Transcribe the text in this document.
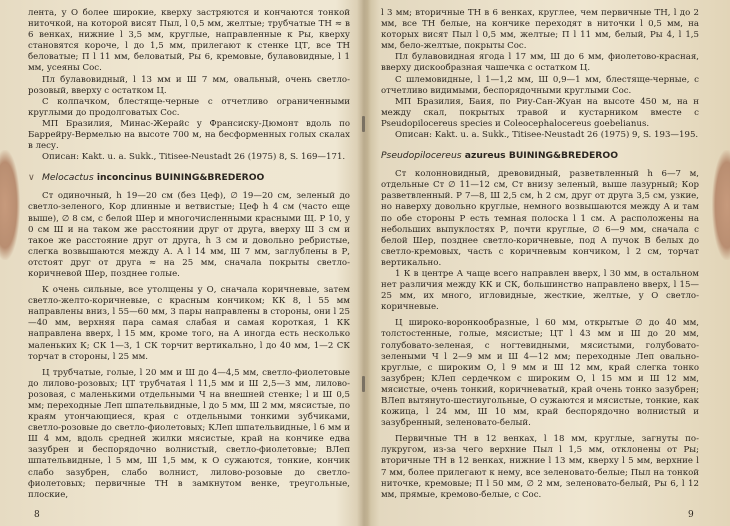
лента, у О более широкие, кверху застряются и кончаются тонкой ниточкой, на которой висят Пыл, l 0,5 мм, желтые; трубчатые ТН ≈ в 6 венках, нижние l 3,5 мм, круглые, направленные к Ры, кверху становятся короче, l до 1,5 мм, прилегают к стенке ЦТ, все ТН беловатые; П l 11 мм, беловатый, Ры 6, кремовые, булавовидные, l 1 мм, усеяны Сос.

Пл булавовидный, l 13 мм и Ш 7 мм, овальный, очень светло-розовый, вверху с остатком Ц.

С колпачком, блестяще-черные с отчетливо ограниченными круглыми до продолговатых Сос.

МП Бразилия, Минас-Жерайс у Франсиску-Дюмонт вдоль по Баррейру-Вермелью на высоте 700 м, на беcформенных голых скалах в лесу.

Описан: Kakt. u. a. Sukk., Titisee-Neustadt 26 (1975) 8, S. 169—171.

∨ Melocactus inconcinus BUINING&BREDEROO

Ст одиночный, h 19—20 см (без Цеф), ∅ 19—20 см, зеленый до светло-зеленого, Кор длинные и ветвистые; Цеф h 4 см (часто еще выше), ∅ 8 см, с белой Шер и многочисленными красными Щ. Р 10, у 0 см Ш и на таком же расстоянии друг от друга, вверху Ш 3 см и такое же расстояние друг от друга, h 3 см и довольно ребристые, слегка возвышаются между А. А l 14 мм, Ш 7 мм, заглублены в Р, отстоят друг от друга ≈ на 25 мм, сначала покрыты светло-коричневой Шер, позднее голые.

К очень сильные, все утолщены у О, сначала коричневые, затем светло-желто-коричневые, с красным кончиком; КК 8, l 55 мм направлены вниз, l 55—60 мм, 3 пары направлены в стороны, они l 25—40 мм, верхняя пара самая слабая и самая короткая, 1 КК направлена вверх, l 15 мм, кроме того, на А иногда есть несколько маленьких К; СК 1—3, 1 СК торчит вертикально, l до 40 мм, 1—2 СК торчат в стороны, l 25 мм.

Ц трубчатые, голые, l 20 мм и Ш до 4—4,5 мм, светло-фиолетовые до лилово-розовых; ЦТ трубчатая l 11,5 мм и Ш 2,5—3 мм, лилово-розовая, с маленькими отдельными Ч на внешней стенке; l и Ш 0,5 мм; переходные Леп шпательвидные, l до 5 мм, Ш 2 мм, мясистые, по краям утончающиеся, края с отдельными тонкими зубчиками, светло-розовые до светло-фиолетовых; КЛеп шпательвидные, l 6 мм и Ш 4 мм, вдоль средней жилки мясистые, край на кончике едва зазубрен и беспорядочно волнистый, светло-фиолетовые; ВЛеп шпательвидные, l 5 мм, Ш 1,5 мм, к О сужаются, тонкие, кончик слабо зазубрен, слабо волнист, лилово-розовые до светло-фиолетовых; первичные ТН в замкнутом венке, треугольные, плоские,

8

l 3 мм; вторичные ТН в 6 венках, круглее, чем первичные ТН, l до 2 мм, все ТН белые, на кончике переходят в ниточки l 0,5 мм, на которых висят Пыл l 0,5 мм, желтые; П l 11 мм, белый, Ры 4, l 1,5 мм, бело-желтые, покрыты Сос.

Пл булавовидная ягода l 17 мм, Ш до 6 мм, фиолетово-красная, вверху дискообразная чашечка с остатком Ц.

С шлемовидные, l 1—1,2 мм, Ш 0,9—1 мм, блестяще-черные, с отчетливо видимыми, беспорядочными круглыми Сос.

МП Бразилия, Баия, по Риу-Сан-Жуан на высоте 450 м, на н между скал, покрытых травой и кустарником вместе с Pseudopilocereus species и Coleocephalocereus goebelianus.

Описан: Kakt. u. a. Sukk., Titisee-Neustadt 26 (1975) 9, S. 193—195.

Pseudopilocereus azureus BUINING&BREDEROO

Ст колонновидный, древовидный, разветвленный h 6—7 м, отдельные Ст ∅ 11—12 см, Ст внизу зеленый, выше лазурный; Кор разветвленный. Р 7—8, Ш 2,5 см, h 2 см, друг от друга 3,5 см, узкие, но наверху довольно круглые, немного возвышаются между А и там по обе стороны Р есть темная полоска l 1 см. А расположены на небольших выпуклостях Р, почти круглые, ∅ 6—9 мм, сначала с белой Шер, позднее светло-коричневые, под А пучок В белых до светло-кремовых, часть с коричневым кончиком, l 2 см, торчат вертикально.

1 К в центре А чаще всего направлен вверх, l 30 мм, в остальном нет различия между КК и СК, большинство направлено вверх, l 15—25 мм, их много, игловидные, жесткие, желтые, у О светло-коричневые.

Ц широко-воронкообразные, l 60 мм, открытые ∅ до 40 мм, толстостенные, голые, мясистые; ЦТ l 43 мм и Ш до 20 мм, голубовато-зеленая, с ногтевидными, мясистыми, голубовато-зелеными Ч l 2—9 мм и Ш 4—12 мм; переходные Леп овально-круглые, с широким О, l 9 мм и Ш 12 мм, край слегка тонко зазубрен; КЛеп сердечком с широким О, l 15 мм и Ш 12 мм, мясистые, очень тонкий, коричневатый, край очень тонко зазубрен; ВЛеп вытянуто-шестиугольные, О сужаются и мясистые, тонкие, как кожица, l 24 мм, Ш 10 мм, край беспорядочно волнистый и зазубренный, зеленовато-белый.

Первичные ТН в 12 венках, l 18 мм, круглые, загнуты по-лукругом, из-за чего верхние Пыл l 1,5 мм, отклонены от Ры; вторичные ТН в 12 венках, нижние l 13 мм, кверху l 5 мм, верхние l 7 мм, более прилегают к нему, все зеленовато-белые; Пыл на тонкой ниточке, кремовые; П l 50 мм, ∅ 2 мм, зеленовато-белый, Ры 6, l 12 мм, прямые, кремово-белые, с Сос.

9
